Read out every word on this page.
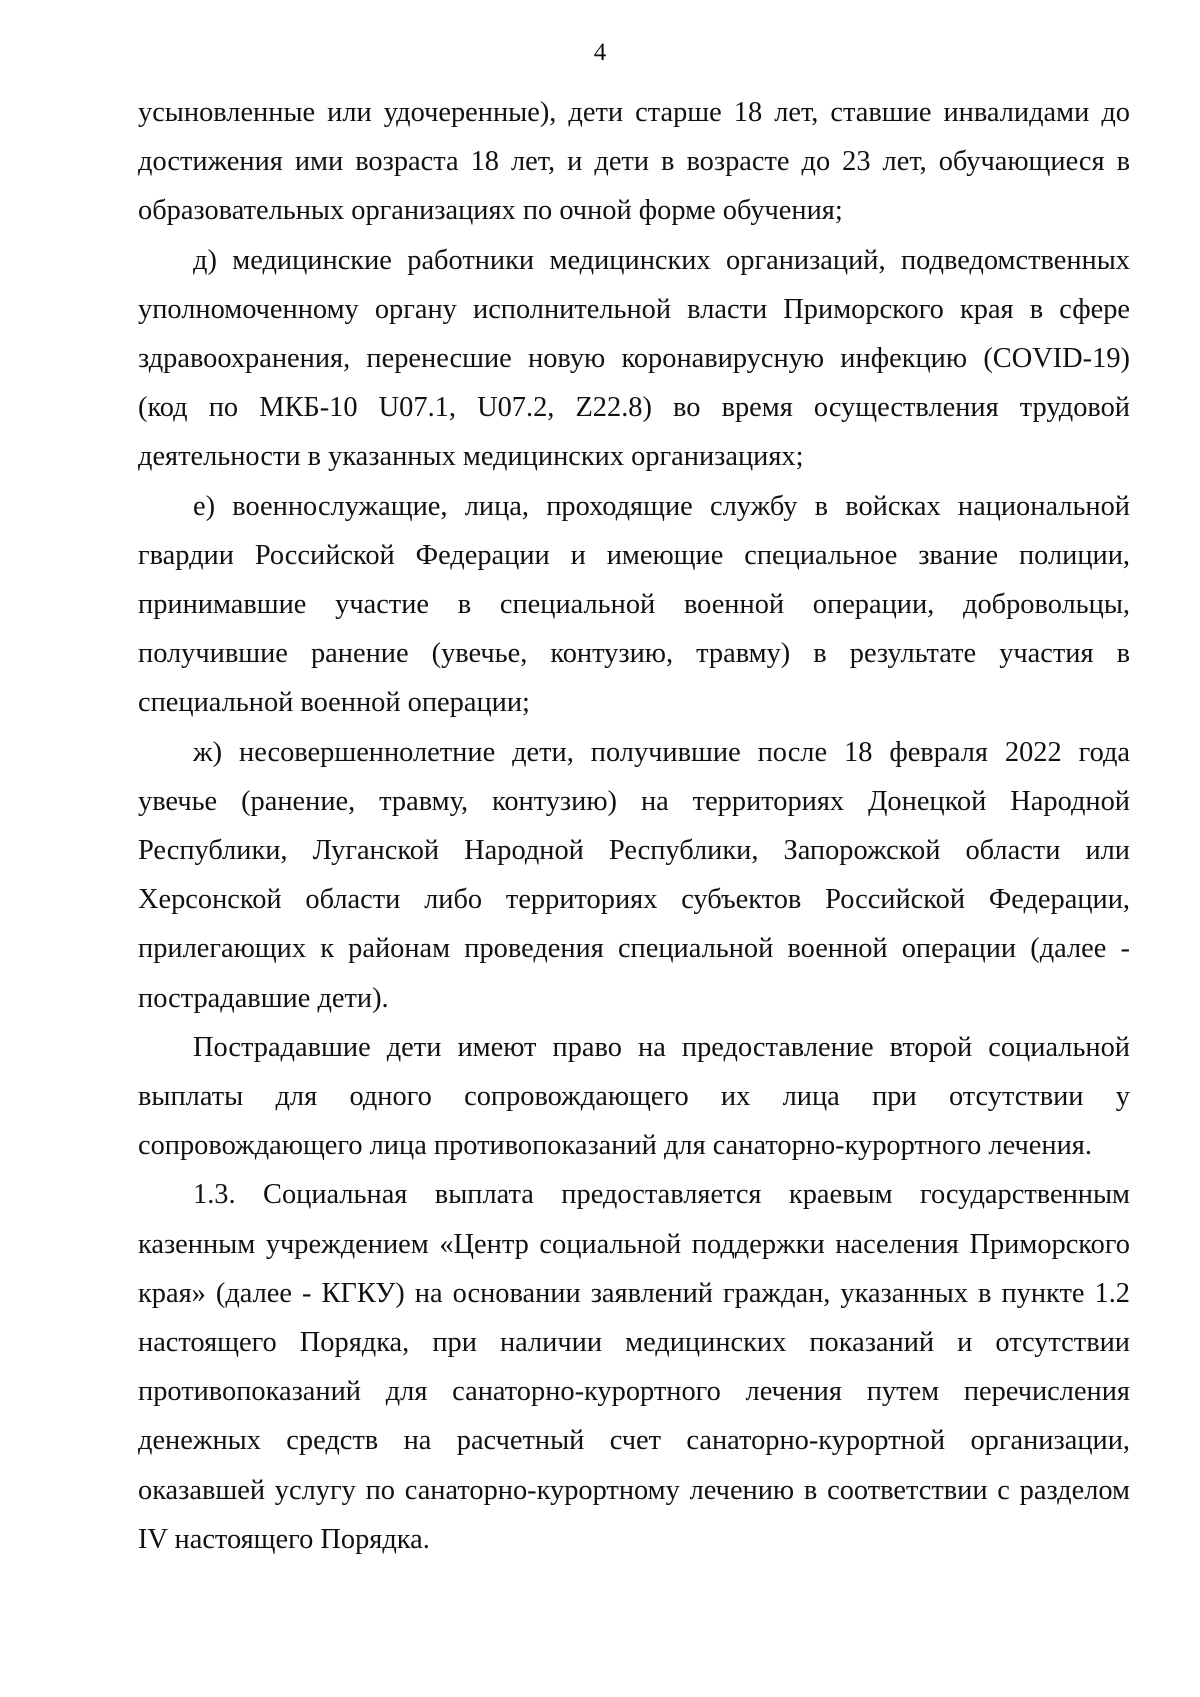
4

усыновленные или удочеренные), дети старше 18 лет, ставшие инвалидами до достижения ими возраста 18 лет, и дети в возрасте до 23 лет, обучающиеся в образовательных организациях по очной форме обучения;

д) медицинские работники медицинских организаций, подведомственных уполномоченному органу исполнительной власти Приморского края в сфере здравоохранения, перенесшие новую коронавирусную инфекцию (COVID-19) (код по МКБ-10 U07.1, U07.2, Z22.8) во время осуществления трудовой деятельности в указанных медицинских организациях;

е) военнослужащие, лица, проходящие службу в войсках национальной гвардии Российской Федерации и имеющие специальное звание полиции, принимавшие участие в специальной военной операции, добровольцы, получившие ранение (увечье, контузию, травму) в результате участия в специальной военной операции;

ж) несовершеннолетние дети, получившие после 18 февраля 2022 года увечье (ранение, травму, контузию) на территориях Донецкой Народной Республики, Луганской Народной Республики, Запорожской области или Херсонской области либо территориях субъектов Российской Федерации, прилегающих к районам проведения специальной военной операции (далее - пострадавшие дети).

Пострадавшие дети имеют право на предоставление второй социальной выплаты для одного сопровождающего их лица при отсутствии у сопровождающего лица противопоказаний для санаторно-курортного лечения.

1.3. Социальная выплата предоставляется краевым государственным казенным учреждением «Центр социальной поддержки населения Приморского края» (далее - КГКУ) на основании заявлений граждан, указанных в пункте 1.2 настоящего Порядка, при наличии медицинских показаний и отсутствии противопоказаний для санаторно-курортного лечения путем перечисления денежных средств на расчетный счет санаторно-курортной организации, оказавшей услугу по санаторно-курортному лечению в соответствии с разделом IV настоящего Порядка.
